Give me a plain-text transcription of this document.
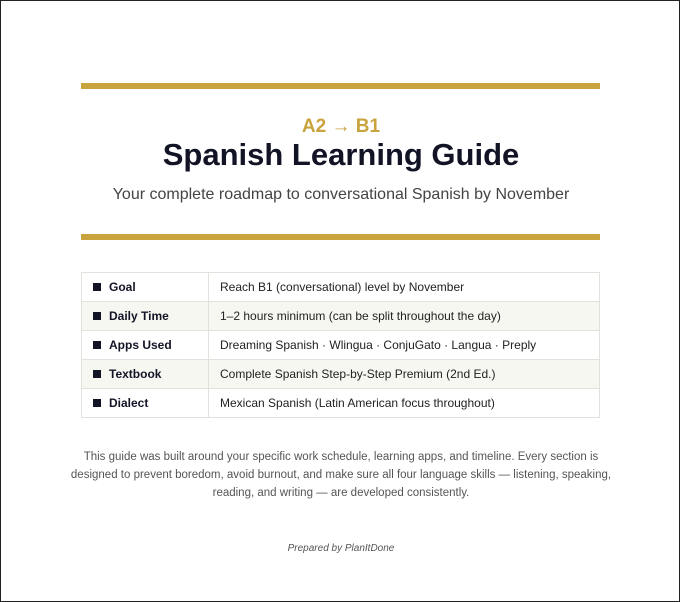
A2 → B1
Spanish Learning Guide
Your complete roadmap to conversational Spanish by November
Goal	Reach B1 (conversational) level by November
Daily Time	1–2 hours minimum (can be split throughout the day)
Apps Used	Dreaming Spanish · Wlingua · ConjuGato · Langua · Preply
Textbook	Complete Spanish Step-by-Step Premium (2nd Ed.)
Dialect	Mexican Spanish (Latin American focus throughout)

This guide was built around your specific work schedule, learning apps, and timeline. Every section is designed to prevent boredom, avoid burnout, and make sure all four language skills — listening, speaking, reading, and writing — are developed consistently.

Prepared by PlanItDone
